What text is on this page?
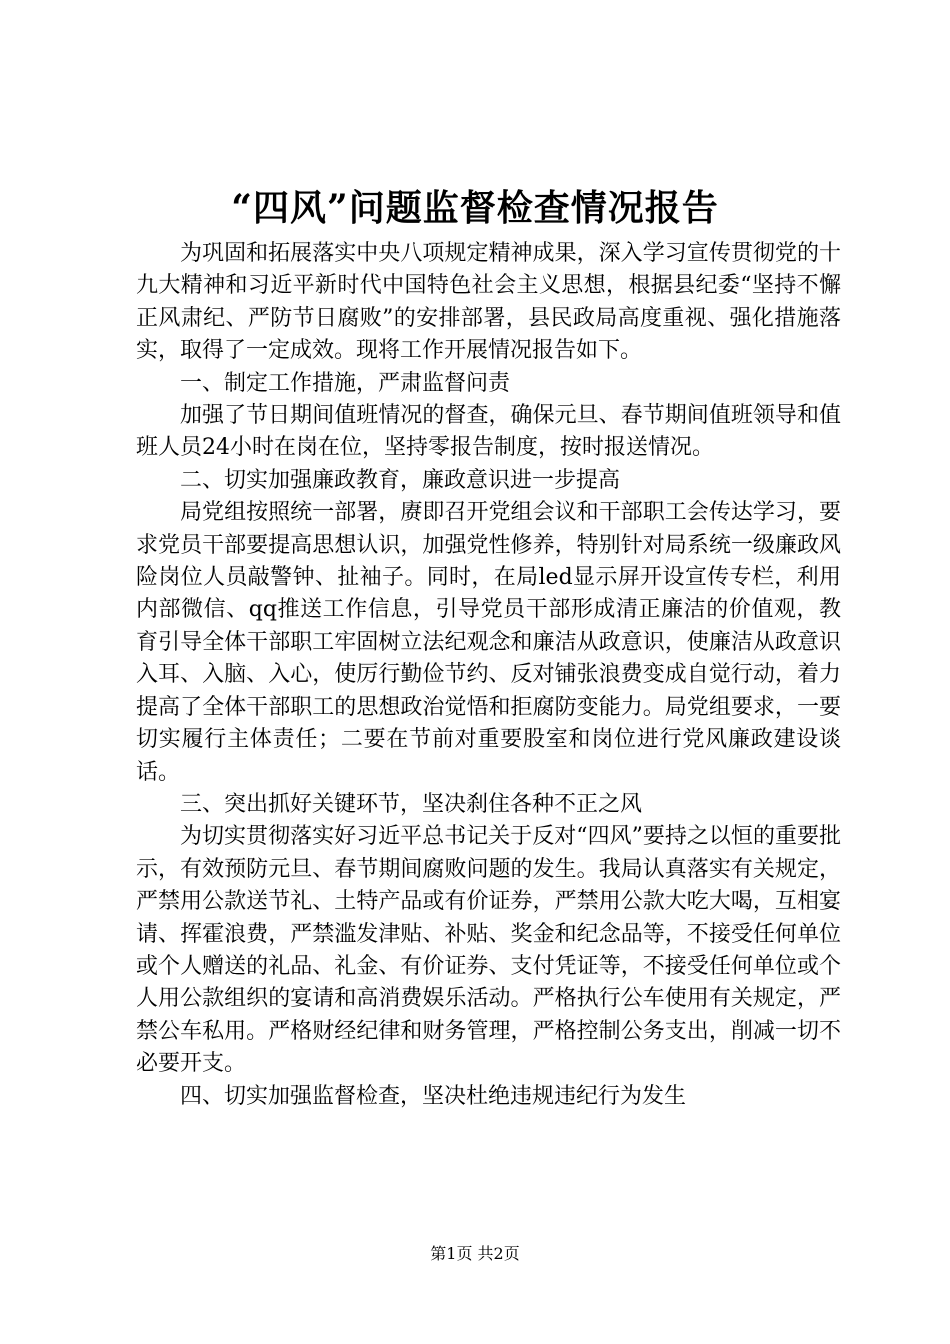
“四风”问题监督检查情况报告

为巩固和拓展落实中央八项规定精神成果，深入学习宣传贯彻党的十九大精神和习近平新时代中国特色社会主义思想，根据县纪委“坚持不懈正风肃纪、严防节日腐败”的安排部署，县民政局高度重视、强化措施落实，取得了一定成效。现将工作开展情况报告如下。

一、制定工作措施，严肃监督问责

加强了节日期间值班情况的督查，确保元旦、春节期间值班领导和值班人员24小时在岗在位，坚持零报告制度，按时报送情况。

二、切实加强廉政教育，廉政意识进一步提高

局党组按照统一部署，赓即召开党组会议和干部职工会传达学习，要求党员干部要提高思想认识，加强党性修养，特别针对局系统一级廉政风险岗位人员敲警钟、扯袖子。同时，在局led显示屏开设宣传专栏，利用内部微信、qq推送工作信息，引导党员干部形成清正廉洁的价值观，教育引导全体干部职工牢固树立法纪观念和廉洁从政意识，使廉洁从政意识入耳、入脑、入心，使厉行勤俭节约、反对铺张浪费变成自觉行动，着力提高了全体干部职工的思想政治觉悟和拒腐防变能力。局党组要求，一要切实履行主体责任；二要在节前对重要股室和岗位进行党风廉政建设谈话。

三、突出抓好关键环节，坚决刹住各种不正之风

为切实贯彻落实好习近平总书记关于反对“四风”要持之以恒的重要批示，有效预防元旦、春节期间腐败问题的发生。我局认真落实有关规定，严禁用公款送节礼、土特产品或有价证券，严禁用公款大吃大喝，互相宴请、挥霍浪费，严禁滥发津贴、补贴、奖金和纪念品等，不接受任何单位或个人赠送的礼品、礼金、有价证券、支付凭证等，不接受任何单位或个人用公款组织的宴请和高消费娱乐活动。严格执行公车使用有关规定，严禁公车私用。严格财经纪律和财务管理，严格控制公务支出，削减一切不必要开支。

四、切实加强监督检查，坚决杜绝违规违纪行为发生

第1页 共2页
